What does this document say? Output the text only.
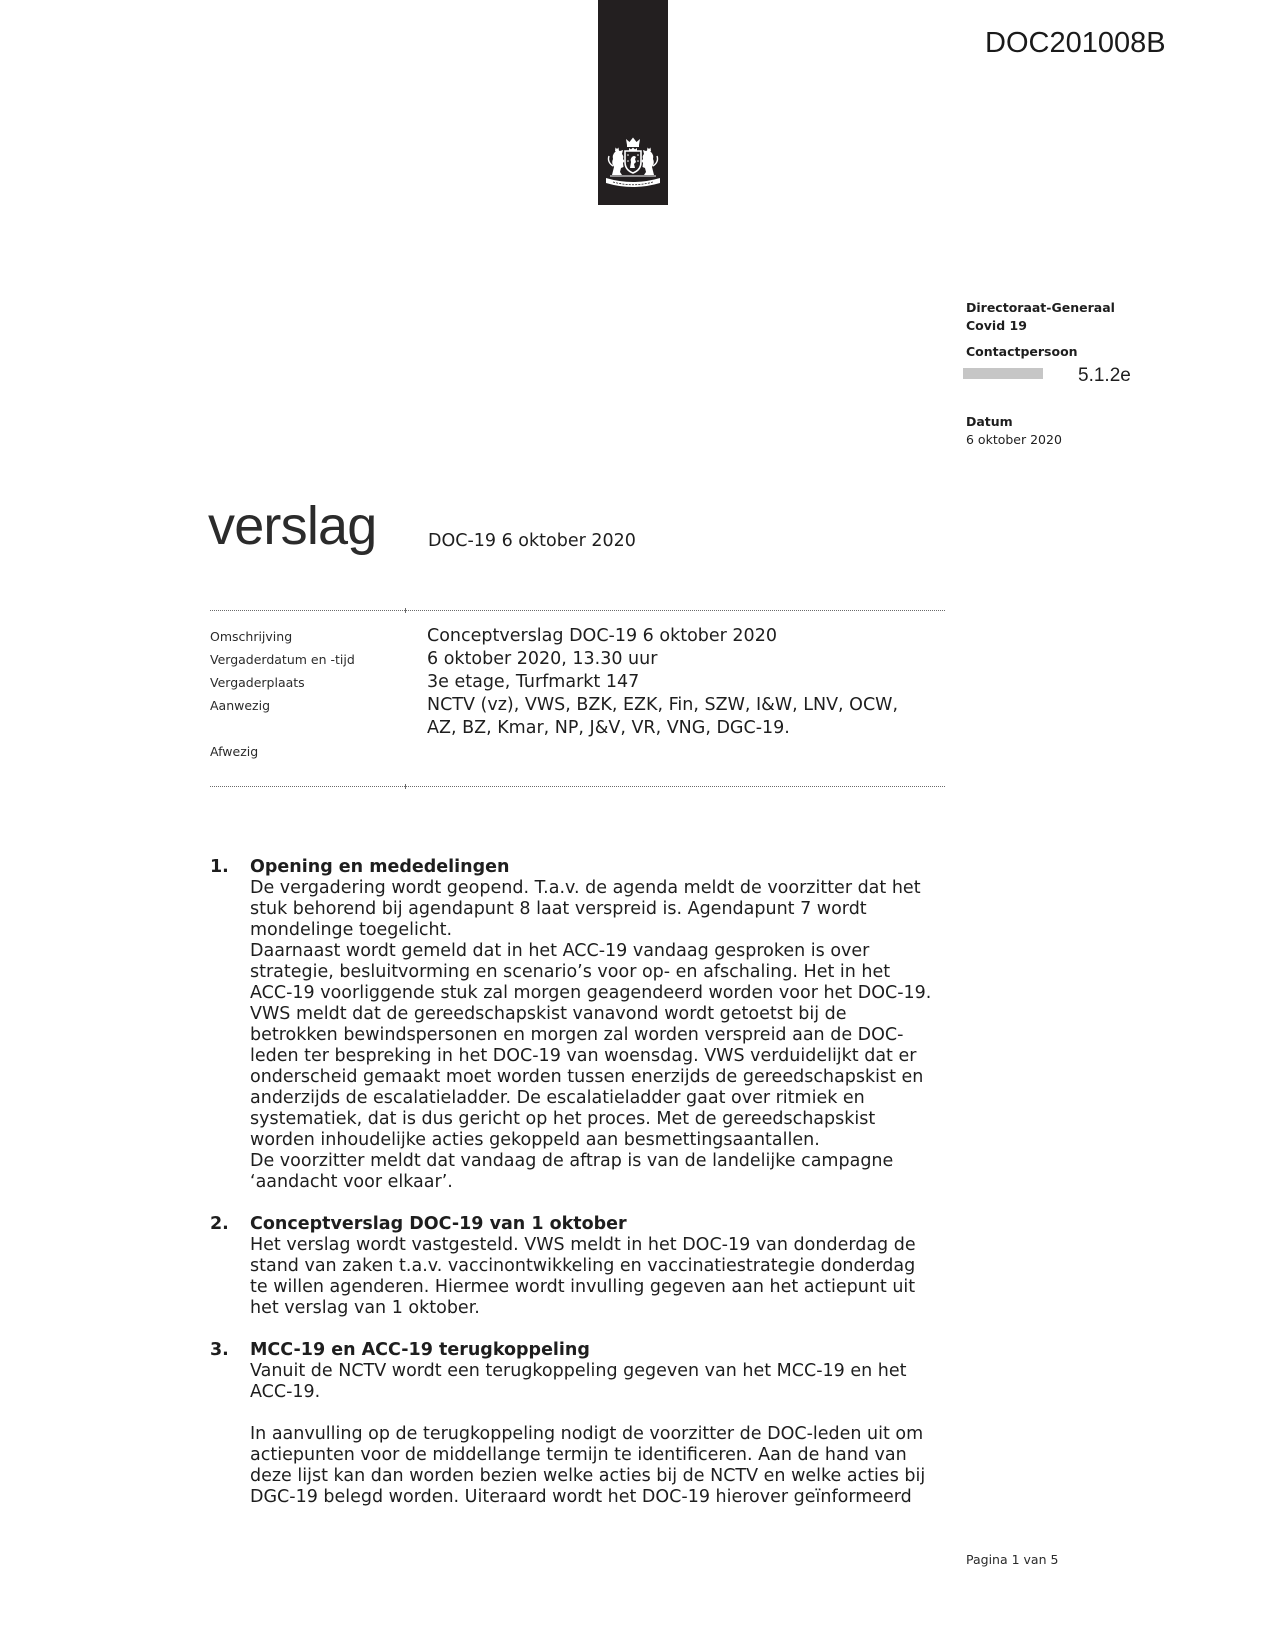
DOC201008B
Directoraat-Generaal
Covid 19
Contactpersoon
5.1.2e
Datum
6 oktober 2020
verslag	DOC-19 6 oktober 2020
Omschrijving	Conceptverslag DOC-19 6 oktober 2020
Vergaderdatum en -tijd	6 oktober 2020, 13.30 uur
Vergaderplaats	3e etage, Turfmarkt 147
Aanwezig	NCTV (vz), VWS, BZK, EZK, Fin, SZW, I&W, LNV, OCW,
AZ, BZ, Kmar, NP, J&V, VR, VNG, DGC-19.
Afwezig
1.	Opening en mededelingen
De vergadering wordt geopend. T.a.v. de agenda meldt de voorzitter dat het
stuk behorend bij agendapunt 8 laat verspreid is. Agendapunt 7 wordt
mondelinge toegelicht.
Daarnaast wordt gemeld dat in het ACC-19 vandaag gesproken is over
strategie, besluitvorming en scenario’s voor op- en afschaling. Het in het
ACC-19 voorliggende stuk zal morgen geagendeerd worden voor het DOC-19.
VWS meldt dat de gereedschapskist vanavond wordt getoetst bij de
betrokken bewindspersonen en morgen zal worden verspreid aan de DOC-
leden ter bespreking in het DOC-19 van woensdag. VWS verduidelijkt dat er
onderscheid gemaakt moet worden tussen enerzijds de gereedschapskist en
anderzijds de escalatieladder. De escalatieladder gaat over ritmiek en
systematiek, dat is dus gericht op het proces. Met de gereedschapskist
worden inhoudelijke acties gekoppeld aan besmettingsaantallen.
De voorzitter meldt dat vandaag de aftrap is van de landelijke campagne
‘aandacht voor elkaar’.
2.	Conceptverslag DOC-19 van 1 oktober
Het verslag wordt vastgesteld. VWS meldt in het DOC-19 van donderdag de
stand van zaken t.a.v. vaccinontwikkeling en vaccinatiestrategie donderdag
te willen agenderen. Hiermee wordt invulling gegeven aan het actiepunt uit
het verslag van 1 oktober.
3.	MCC-19 en ACC-19 terugkoppeling
Vanuit de NCTV wordt een terugkoppeling gegeven van het MCC-19 en het
ACC-19.
In aanvulling op de terugkoppeling nodigt de voorzitter de DOC-leden uit om
actiepunten voor de middellange termijn te identificeren. Aan de hand van
deze lijst kan dan worden bezien welke acties bij de NCTV en welke acties bij
DGC-19 belegd worden. Uiteraard wordt het DOC-19 hierover geïnformeerd
Pagina 1 van 5
